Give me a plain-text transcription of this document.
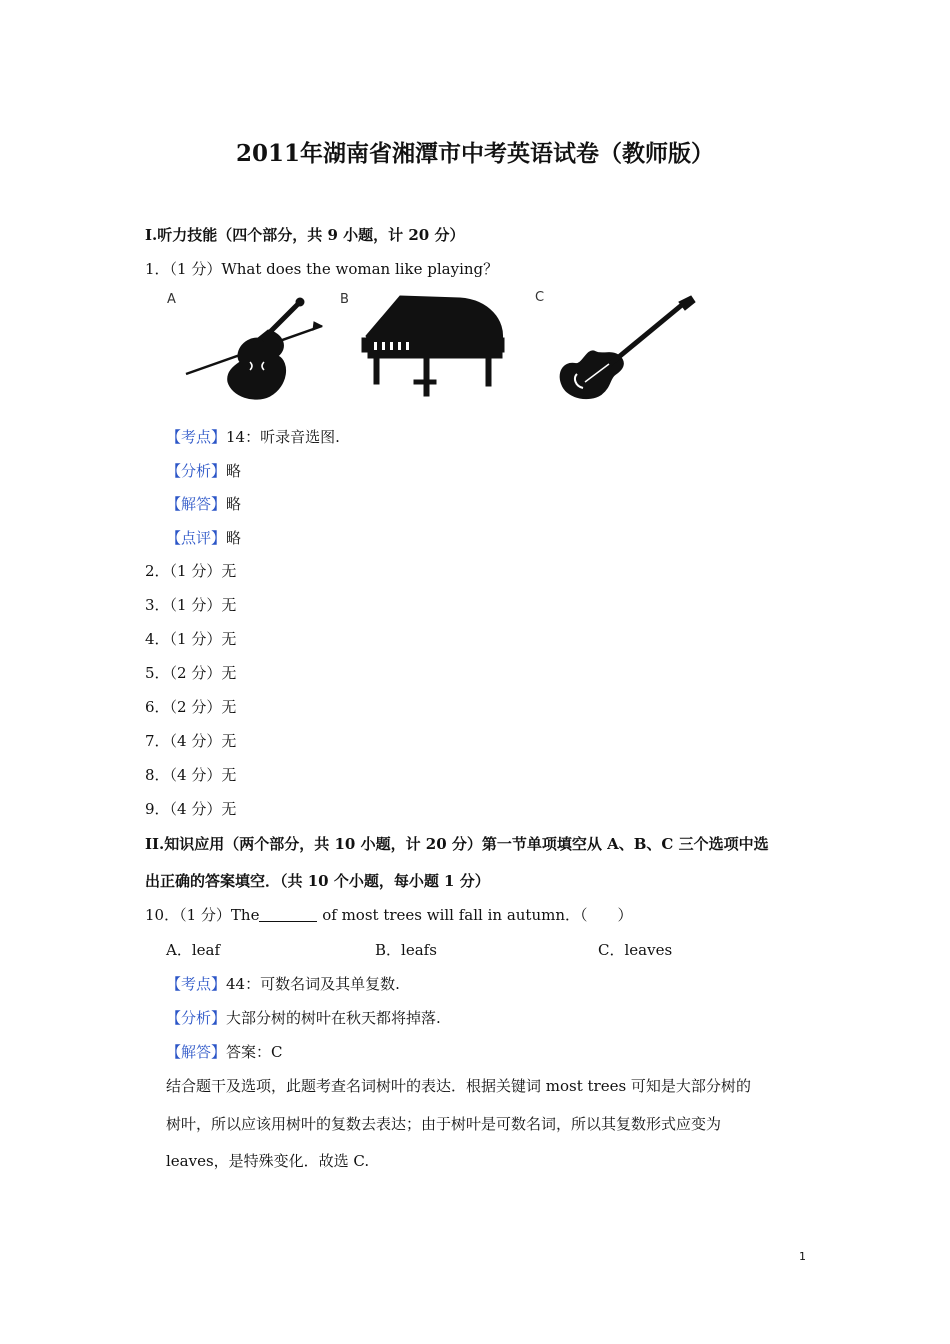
2011年湖南省湘潭市中考英语试卷（教师版）
I.听力技能（四个部分，共 9 小题，计 20 分）
1．（1 分）What does the woman like playing？
A	B	C
【考点】14：听录音选图.
【分析】略
【解答】略
【点评】略
2．（1 分）无
3．（1 分）无
4．（1 分）无
5．（2 分）无
6．（2 分）无
7．（4 分）无
8．（4 分）无
9．（4 分）无
II.知识应用（两个部分，共 10 小题，计 20 分）第一节单项填空从 A、B、C 三个选项中选
出正确的答案填空．（共 10 个小题，每小题 1 分）
10．（1 分）The	of most trees will fall in autumn．（　　）
A．leaf	B．leafs	C．leaves
【考点】44：可数名词及其单复数.
【分析】大部分树的树叶在秋天都将掉落.
【解答】答案：C
结合题干及选项，此题考查名词树叶的表达．根据关键词 most trees 可知是大部分树的
树叶，所以应该用树叶的复数去表达；由于树叶是可数名词，所以其复数形式应变为
leaves，是特殊变化．故选 C.
1
